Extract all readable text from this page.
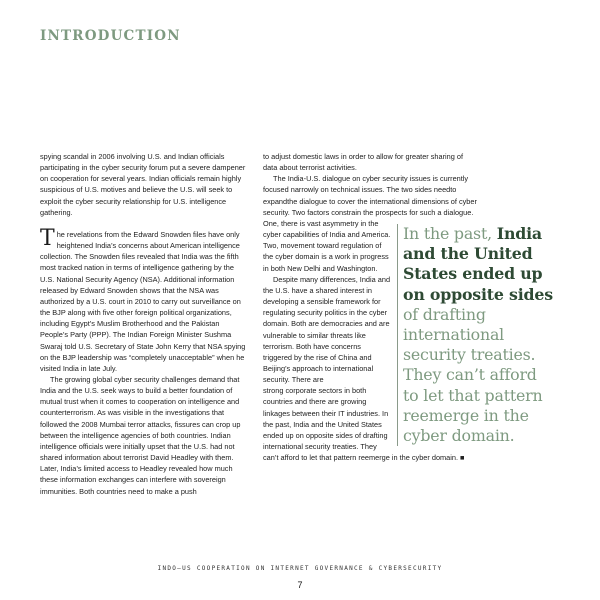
INTRODUCTION

spying scandal in 2006 involving U.S. and Indian officials participating in the cyber security forum put a severe dampener on cooperation for several years. Indian officials remain highly suspicious of U.S. motives and believe the U.S. will seek to exploit the cyber security relationship for U.S. intelligence gathering.

The revelations from the Edward Snowden files have only heightened India’s concerns about American intelligence collection. The Snowden files revealed that India was the fifth most tracked nation in terms of intelligence gathering by the U.S. National Security Agency (NSA). Additional information released by Edward Snowden shows that the NSA was authorized by a U.S. court in 2010 to carry out surveillance on the BJP along with five other foreign political organizations, including Egypt’s Muslim Brotherhood and the Pakistan People’s Party (PPP). The Indian Foreign Minister Sushma Swaraj told U.S. Secretary of State John Kerry that NSA spying on the BJP leadership was “completely unacceptable” when he visited India in late July.

The growing global cyber security challenges demand that India and the U.S. seek ways to build a better foundation of mutual trust when it comes to cooperation on intelligence and counterterrorism. As was visible in the investigations that followed the 2008 Mumbai terror attacks, fissures can crop up between the intelligence agencies of both countries. Indian intelligence officials were initially upset that the U.S. had not shared information about terrorist David Headley with them. Later, India’s limited access to Headley revealed how much these information exchanges can interfere with sovereign immunities. Both countries need to make a push

to adjust domestic laws in order to allow for greater sharing of data about terrorist activities.

The India-U.S. dialogue on cyber security issues is currently focused narrowly on technical issues. The two sides needto expandthe dialogue to cover the international dimensions of cyber security. Two factors constrain the prospects for such a dialogue. One, there is vast asymmetry in the cyber capabilities of India and America. Two, movement toward regulation of the cyber domain is a work in progress in both New Delhi and Washington.

Despite many differences, India and the U.S. have a shared interest in developing a sensible framework for regulating security politics in the cyber domain. Both are democracies and are vulnerable to similar threats like terrorism. Both have concerns triggered by the rise of China and Beijing’s approach to international security. There are

strong corporate sectors in both countries and there are growing linkages between their IT industries. In the past, India and the United States ended up on opposite sides of drafting international security treaties. They can’t afford to let that pattern reemerge in the cyber domain. ■

In the past, India and the United States ended up on opposite sides of drafting international security treaties. They can’t afford to let that pattern reemerge in the cyber domain.

INDO–US COOPERATION ON INTERNET GOVERNANCE & CYBERSECURITY
7
